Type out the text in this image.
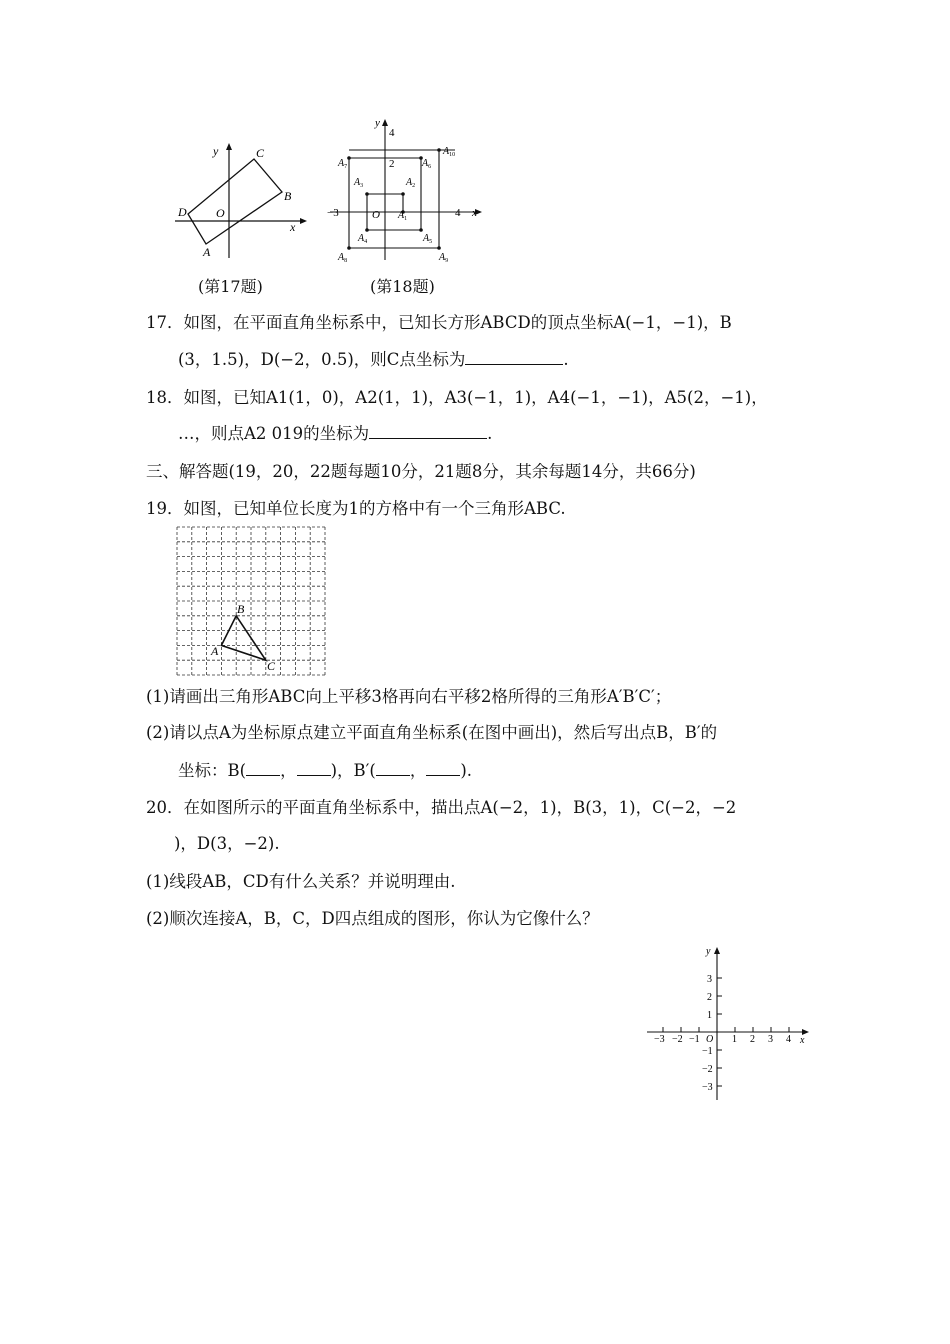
y
x
O
A
B
C
D
(第17题)
y
4
2
−3	4 x
O $A_1$
$A_2$
$A_3$
$A_4$	$A_5$
$A_6$
$A_7$
$A_8$	$A_9$
$A_{10}$
(第18题)
17．如图，在平面直角坐标系中，已知长方形ABCD的顶点坐标A(−1，−1)，B
(3，1.5)，D(−2，0.5)，则C点坐标为	.
18．如图，已知A1(1，0)，A2(1，1)，A3(−1，1)，A4(−1，−1)，A5(2，−1)，
…，则点A2 019的坐标为	.
三、解答题(19，20，22题每题10分，21题8分，其余每题14分，共66分)
19．如图，已知单位长度为1的方格中有一个三角形ABC.
A
B
C
(1)请画出三角形ABC向上平移3格再向右平移2格所得的三角形A′B′C′；
(2)请以点A为坐标原点建立平面直角坐标系(在图中画出)，然后写出点B，B′的
坐标：B( ， )，B′( ， ).
20．在如图所示的平面直角坐标系中，描出点A(−2，1)，B(3，1)，C(−2，−2
)，D(3，−2).
(1)线段AB，CD有什么关系？并说明理由.
(2)顺次连接A，B，C，D四点组成的图形，你认为它像什么？
y
x
O
−3 −2 −1	1 2 3 4
3
2
1
−1
−2
−3
